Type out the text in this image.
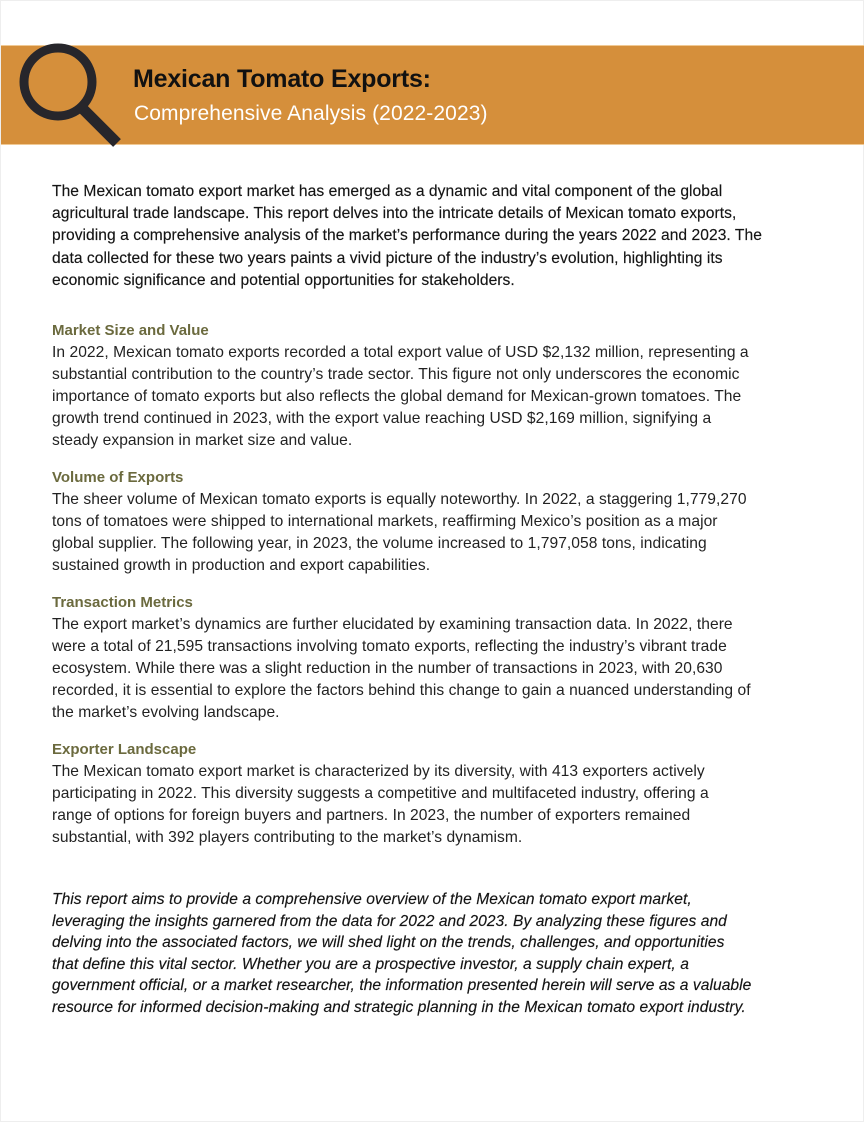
Mexican Tomato Exports:
Comprehensive Analysis (2022-2023)

The Mexican tomato export market has emerged as a dynamic and vital component of the global
agricultural trade landscape. This report delves into the intricate details of Mexican tomato exports,
providing a comprehensive analysis of the market’s performance during the years 2022 and 2023. The
data collected for these two years paints a vivid picture of the industry’s evolution, highlighting its
economic significance and potential opportunities for stakeholders.

Market Size and Value

In 2022, Mexican tomato exports recorded a total export value of USD $2,132 million, representing a
substantial contribution to the country’s trade sector. This figure not only underscores the economic
importance of tomato exports but also reflects the global demand for Mexican-grown tomatoes. The
growth trend continued in 2023, with the export value reaching USD $2,169 million, signifying a
steady expansion in market size and value.

Volume of Exports

The sheer volume of Mexican tomato exports is equally noteworthy. In 2022, a staggering 1,779,270
tons of tomatoes were shipped to international markets, reaffirming Mexico’s position as a major
global supplier. The following year, in 2023, the volume increased to 1,797,058 tons, indicating
sustained growth in production and export capabilities.

Transaction Metrics

The export market’s dynamics are further elucidated by examining transaction data. In 2022, there
were a total of 21,595 transactions involving tomato exports, reflecting the industry’s vibrant trade
ecosystem. While there was a slight reduction in the number of transactions in 2023, with 20,630
recorded, it is essential to explore the factors behind this change to gain a nuanced understanding of
the market’s evolving landscape.

Exporter Landscape

The Mexican tomato export market is characterized by its diversity, with 413 exporters actively
participating in 2022. This diversity suggests a competitive and multifaceted industry, offering a
range of options for foreign buyers and partners. In 2023, the number of exporters remained
substantial, with 392 players contributing to the market’s dynamism.

This report aims to provide a comprehensive overview of the Mexican tomato export market,
leveraging the insights garnered from the data for 2022 and 2023. By analyzing these figures and
delving into the associated factors, we will shed light on the trends, challenges, and opportunities
that define this vital sector. Whether you are a prospective investor, a supply chain expert, a
government official, or a market researcher, the information presented herein will serve as a valuable
resource for informed decision-making and strategic planning in the Mexican tomato export industry.
